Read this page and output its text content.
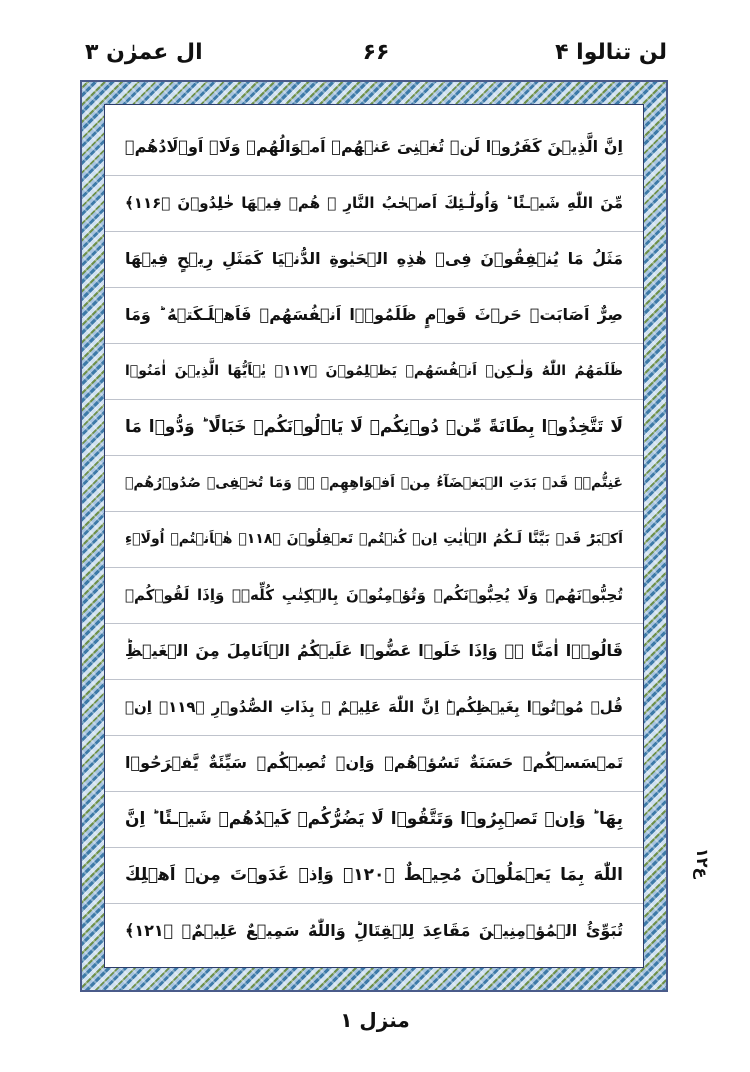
لن تنالوا ۴
۶۶
ال عمرٰن ۳
اِنَّ الَّذِيۡنَ كَفَرُوۡا لَنۡ تُغۡنِىَ عَنۡهُمۡ اَمۡوَالُهُمۡ وَلَاۤ اَوۡلَادُهُمۡ
مِّنَ اللّٰهِ شَيۡـئًا‌ ؕ وَاُولٰٓـئِكَ اَصۡحٰبُ النَّارِ‌ ۚ هُمۡ فِيۡهَا خٰلِدُوۡنَ ﴿۱۱۶﴾
مَثَلُ مَا يُنۡفِقُوۡنَ فِىۡ هٰذِهِ الۡحَيٰوةِ الدُّنۡيَا كَمَثَلِ رِيۡحٍ فِيۡهَا
صِرٌّ اَصَابَتۡ حَرۡثَ قَوۡمٍ ظَلَمُوۡۤا اَنۡفُسَهُمۡ فَاَهۡلَـكَتۡهُ‌ ؕ وَمَا
ظَلَمَهُمُ اللّٰهُ وَلٰـكِنۡ اَنۡفُسَهُمۡ يَظۡلِمُوۡنَ ﴿۱۱۷﴾ يٰۤاَيُّهَا الَّذِيۡنَ اٰمَنُوۡا
لَا تَتَّخِذُوۡا بِطَانَةً مِّنۡ دُوۡنِكُمۡ لَا يَاۡلُوۡنَكُمۡ خَبَالًا ؕ وَدُّوۡا مَا
عَنِتُّمۡ‌ۚ قَدۡ بَدَتِ الۡبَغۡضَآءُ مِنۡ اَفۡوَاهِهِمۡ ۖۚ وَمَا تُخۡفِىۡ صُدُوۡرُهُمۡ
اَكۡبَرُ‌ؕ قَدۡ بَيَّنَّا لَـكُمُ الۡاٰيٰتِ‌ اِنۡ كُنۡتُمۡ تَعۡقِلُوۡنَ ﴿۱۱۸﴾ هٰۤاَنۡتُمۡ اُولَاۤءِ
تُحِبُّوۡنَهُمۡ وَلَا يُحِبُّوۡنَكُمۡ وَتُؤۡمِنُوۡنَ بِالۡكِتٰبِ كُلِّهٖ‌ۚ وَاِذَا لَقُوۡكُمۡ
قَالُوۡۤا اٰمَنَّا ‌ۖۚ وَاِذَا خَلَوۡا عَضُّوۡا عَلَيۡكُمُ الۡاَنَامِلَ مِنَ الۡغَيۡظِ‌ؕ
قُلۡ مُوۡتُوۡا بِغَيۡظِكُمۡ‌ؕ اِنَّ اللّٰهَ عَلِيۡمٌ ۢ بِذَاتِ الصُّدُوۡرِ ﴿۱۱۹﴾ اِنۡ
تَمۡسَسۡكُمۡ حَسَنَةٌ تَسُؤۡهُمۡ وَاِنۡ تُصِبۡكُمۡ سَيِّئَةٌ يَّفۡرَحُوۡا
بِهَا ‌ؕ وَاِنۡ تَصۡبِرُوۡا وَتَتَّقُوۡا لَا يَضُرُّكُمۡ كَيۡدُهُمۡ شَيۡـئًا‌ ؕ اِنَّ
اللّٰهَ بِمَا يَعۡمَلُوۡنَ مُحِيۡطٌ ﴿۱۲۰﴾ وَاِذۡ غَدَوۡتَ مِنۡ اَهۡلِكَ
تُبَوِّئُ الۡمُؤۡمِنِيۡنَ مَقَاعِدَ لِلۡقِتَالِ‌ؕ وَاللّٰهُ سَمِيۡعٌ عَلِيۡمٌۙ ﴿۱۲۱﴾
ع۱۲
منزل ۱
